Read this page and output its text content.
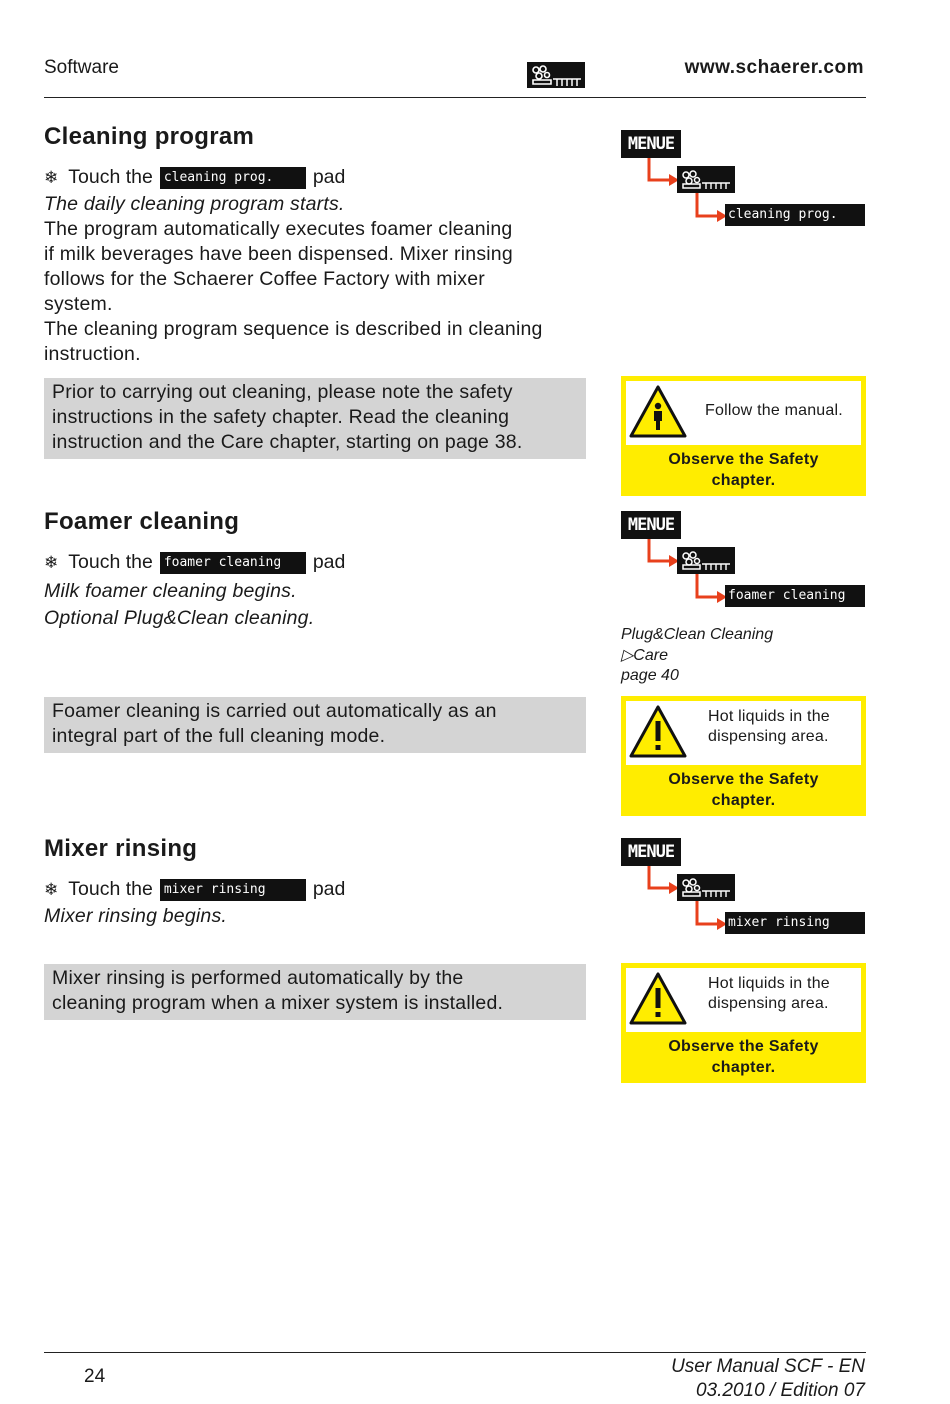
Software	www.schaerer.com
Cleaning program
❄ Touch the cleaning prog.	pad
The daily cleaning program starts.
The program automatically executes foamer cleaning
if milk beverages have been dispensed. Mixer rinsing
follows for the Schaerer Coffee Factory with mixer
system.
The cleaning program sequence is described in cleaning
instruction.
Prior to carrying out cleaning, please note the safety
instructions in the safety chapter. Read the cleaning
instruction and the Care chapter, starting on page 38.
MENUE
cleaning prog.
Follow the manual.
Observe the Safety
chapter.
Foamer cleaning
❄ Touch the foamer cleaning	pad
Milk foamer cleaning begins.
Optional Plug&Clean cleaning.
Foamer cleaning is carried out automatically as an
integral part of the full cleaning mode.
MENUE
foamer cleaning
Plug&Clean Cleaning
▷Care
page 40
Hot liquids in the
dispensing area.
Observe the Safety
chapter.
Mixer rinsing
❄ Touch the mixer rinsing	pad
Mixer rinsing begins.
Mixer rinsing is performed automatically by the
cleaning program when a mixer system is installed.
MENUE
mixer rinsing
Hot liquids in the
dispensing area.
Observe the Safety
chapter.
24	User Manual SCF - EN
03.2010 / Edition 07
